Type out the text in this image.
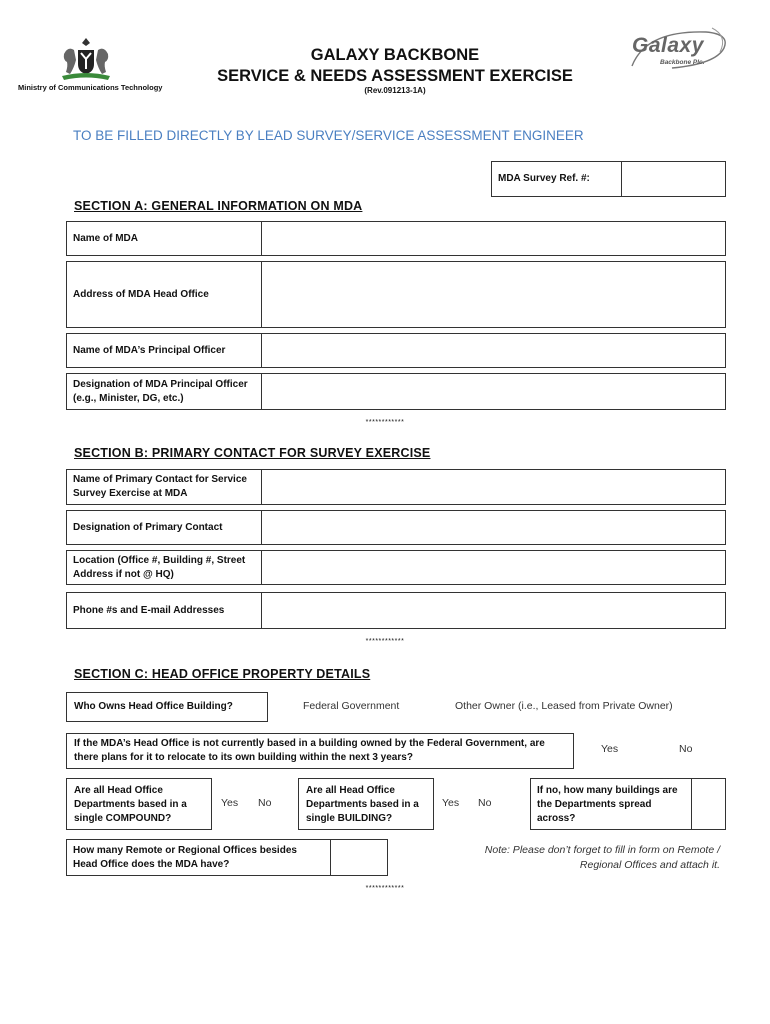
Ministry of Communications Technology
GALAXY BACKBONE
SERVICE & NEEDS ASSESSMENT EXERCISE
(Rev.091213-1A)
Galaxy
Backbone Plc.
TO BE FILLED DIRECTLY BY LEAD SURVEY/SERVICE ASSESSMENT ENGINEER
MDA Survey Ref. #:
SECTION A: GENERAL INFORMATION ON MDA
Name of MDA
Address of MDA Head Office
Name of MDA’s Principal Officer
Designation of MDA Principal Officer (e.g., Minister, DG, etc.)
************
SECTION B: PRIMARY CONTACT FOR SURVEY EXERCISE
Name of Primary Contact for Service Survey Exercise at MDA
Designation of Primary Contact
Location (Office #, Building #, Street Address if not @ HQ)
Phone #s and E-mail Addresses
************
SECTION C: HEAD OFFICE PROPERTY DETAILS
Who Owns Head Office Building?	Federal Government	Other Owner (i.e., Leased from Private Owner)
If the MDA’s Head Office is not currently based in a building owned by the Federal Government, are there plans for it to relocate to its own building within the next 3 years?
Yes	No
Are all Head Office Departments based in a single COMPOUND?
Yes No
Are all Head Office Departments based in a single BUILDING?
Yes No
If no, how many buildings are the Departments spread across?
How many Remote or Regional Offices besides Head Office does the MDA have?
Note: Please don’t forget to fill in form on Remote / Regional Offices and attach it.
************
